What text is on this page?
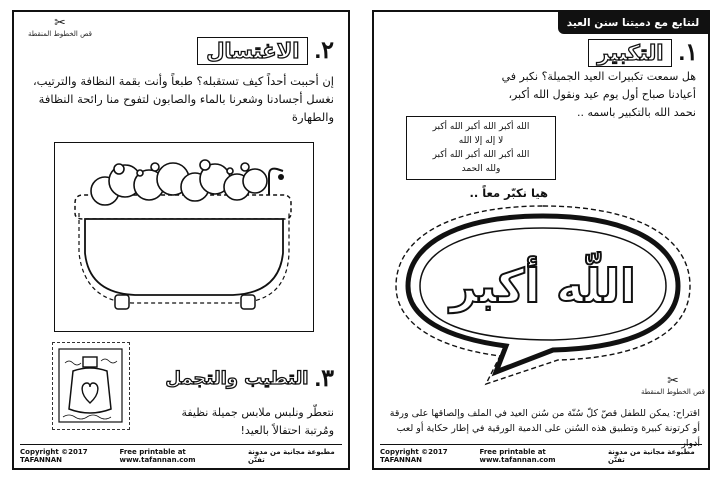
✂
قص الخطوط المنقطة
٢.
الاغتسال
إن أحببت أحداً كيف تستقبله؟ طبعاً وأنت بقمة النظافة والترتيب، نغسل أجسادنا وشعرنا بالماء والصابون لتفوح منا رائحة النظافة والطهارة
٣.
التطيب والتجمل
نتعطّر ونلبس ملابس جميلة نظيفة ومُرتبة احتفالاً بالعيد!
Copyright ©2017 TAFANNAN
Free printable at www.tafannan.com
مطبوعة مجانية من مدونة تفنّن
لنتابع مع دميتنا سنن العيد
١.
التكبير
هل سمعت تكبيرات العيد الجميلة؟ نكبر في أعيادنا صباح أول يوم عيد ونقول الله أكبر، نحمد الله بالتكبير باسمه ..
الله أكبر الله أكبر الله أكبر
لا إله إلا الله
الله أكبر الله أكبر الله أكبر
ولله الحمد
هيا نكبّر معاً ..
اللّه أكبر
✂
قص الخطوط المنقطة
اقتراح: يمكن للطفل قصّ كلّ سُنّة من سُنن العيد في الملف وإلصاقها على ورقة أو كرتونة كبيرة وتطبيق هذه السُنن على الدمية الورقية في إطار حكاية أو لعب أدوار
Copyright ©2017 TAFANNAN
Free printable at www.tafannan.com
مطبوعة مجانية من مدونة تفنّن
